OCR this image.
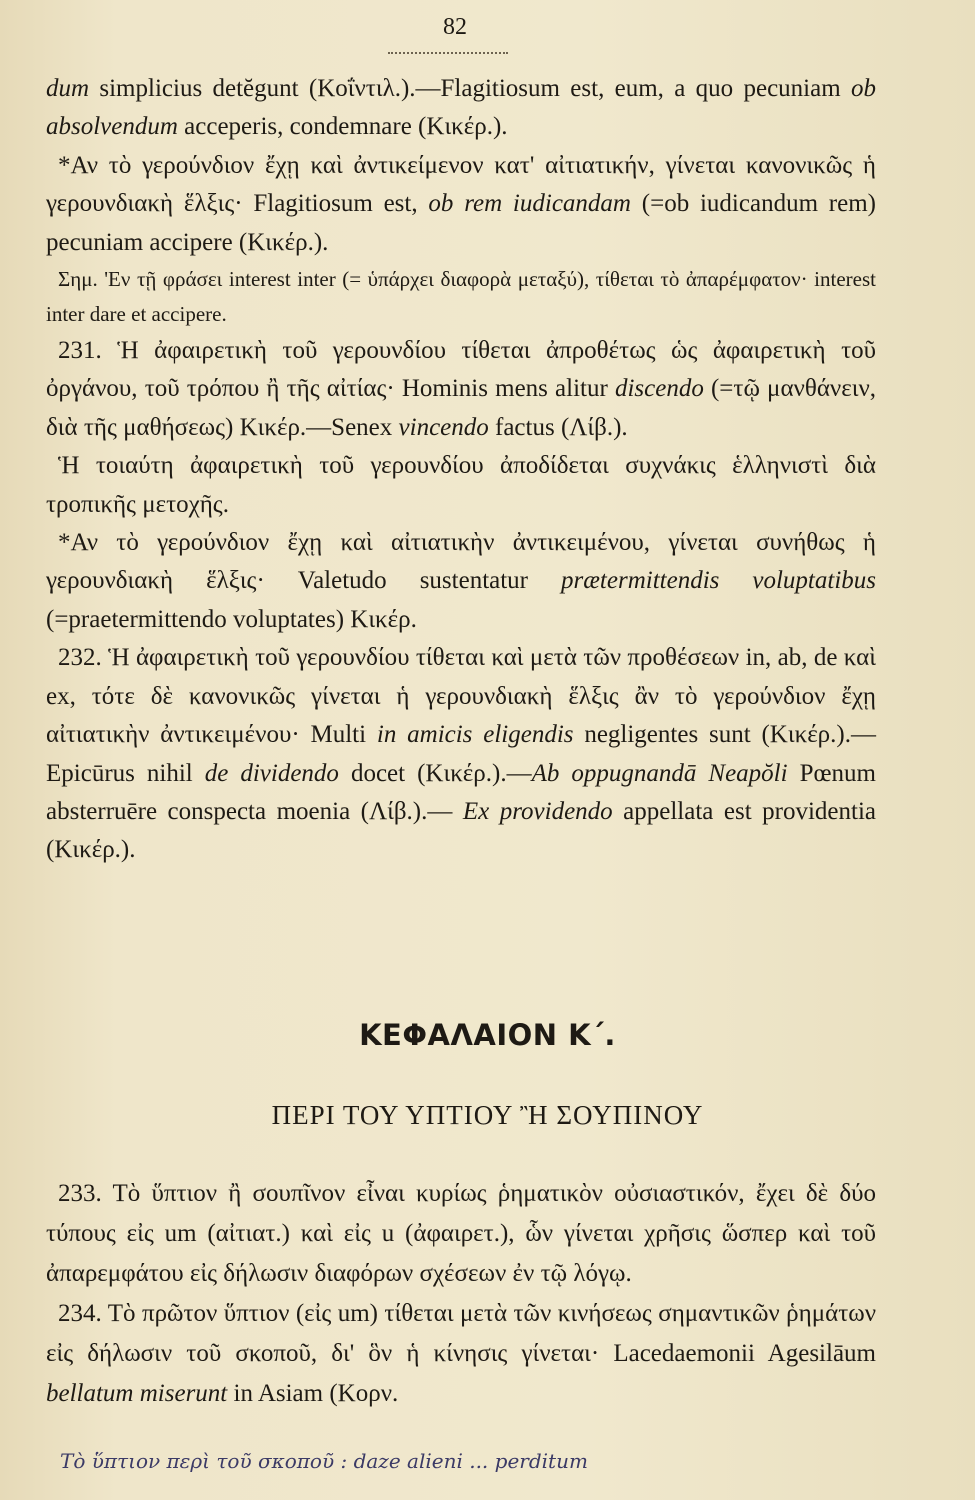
82

dum simplicius detĕgunt (Κοΐντιλ.).—Flagitiosum est, eum, a quo pecuniam ob absolvendum acceperis, condemnare (Κικέρ.).

*Αν τὸ γερούνδιον ἔχῃ καὶ ἀντικείμενον κατ' αἰτιατικήν, γίνεται κανονικῶς ἡ γερουνδιακὴ ἕλξις· Flagitiosum est, ob rem iudicandam (=ob iudicandum rem) pecuniam accipere (Κικέρ.).

Σημ. 'Εν τῇ φράσει interest inter (= ὑπάρχει διαφορὰ μεταξύ), τίθεται τὸ ἀπαρέμφατον· interest inter dare et accipere.

231. Ἡ ἀφαιρετικὴ τοῦ γερουνδίου τίθεται ἀπροθέτως ὡς ἀφαιρετικὴ τοῦ ὀργάνου, τοῦ τρόπου ἢ τῆς αἰτίας· Hominis mens alitur discendo (=τῷ μανθάνειν, διὰ τῆς μαθήσεως) Κικέρ.—Senex vincendo factus (Λίβ.).

Ἡ τοιαύτη ἀφαιρετικὴ τοῦ γερουνδίου ἀποδίδεται συχνάκις ἑλληνιστὶ διὰ τροπικῆς μετοχῆς.

*Αν τὸ γερούνδιον ἔχῃ καὶ αἰτιατικὴν ἀντικειμένου, γίνεται συνήθως ἡ γερουνδιακὴ ἕλξις· Valetudo sustentatur prætermittendis voluptatibus (=praetermittendo voluptates) Κικέρ.

232. Ἡ ἀφαιρετικὴ τοῦ γερουνδίου τίθεται καὶ μετὰ τῶν προθέσεων in, ab, de καὶ ex, τότε δὲ κανονικῶς γίνεται ἡ γερουνδιακὴ ἕλξις ἂν τὸ γερούνδιον ἔχῃ αἰτιατικὴν ἀντικειμένου· Multi in amicis eligendis negligentes sunt (Κικέρ.).—Epicūrus nihil de dividendo docet (Κικέρ.).—Ab oppugnandā Neapŏli Pœnum absterruēre conspecta moenia (Λίβ.).— Ex providendo appellata est providentia (Κικέρ.).

ΚΕΦΑΛΑΙΟΝ Κ΄.
ΠΕΡΙ ΤΟΥ ΥΠΤΙΟΥ Ἢ ΣΟΥΠΙΝΟΥ

233. Τὸ ὕπτιον ἢ σουπῖνον εἶναι κυρίως ῥηματικὸν οὐσιαστικόν, ἔχει δὲ δύο τύπους εἰς um (αἰτιατ.) καὶ εἰς u (ἀφαιρετ.), ὧν γίνεται χρῆσις ὥσπερ καὶ τοῦ ἀπαρεμφάτου εἰς δήλωσιν διαφόρων σχέσεων ἐν τῷ λόγῳ.

234. Τὸ πρῶτον ὕπτιον (εἰς um) τίθεται μετὰ τῶν κινήσεως σημαντικῶν ῥημάτων εἰς δήλωσιν τοῦ σκοποῦ, δι' ὃν ἡ κίνησις γίνεται· Lacedaemonii Agesilāum bellatum miserunt in Asiam (Κορν.

Τὸ ὕπτιον περὶ τοῦ σκοποῦ : daze alieni ... perditum
